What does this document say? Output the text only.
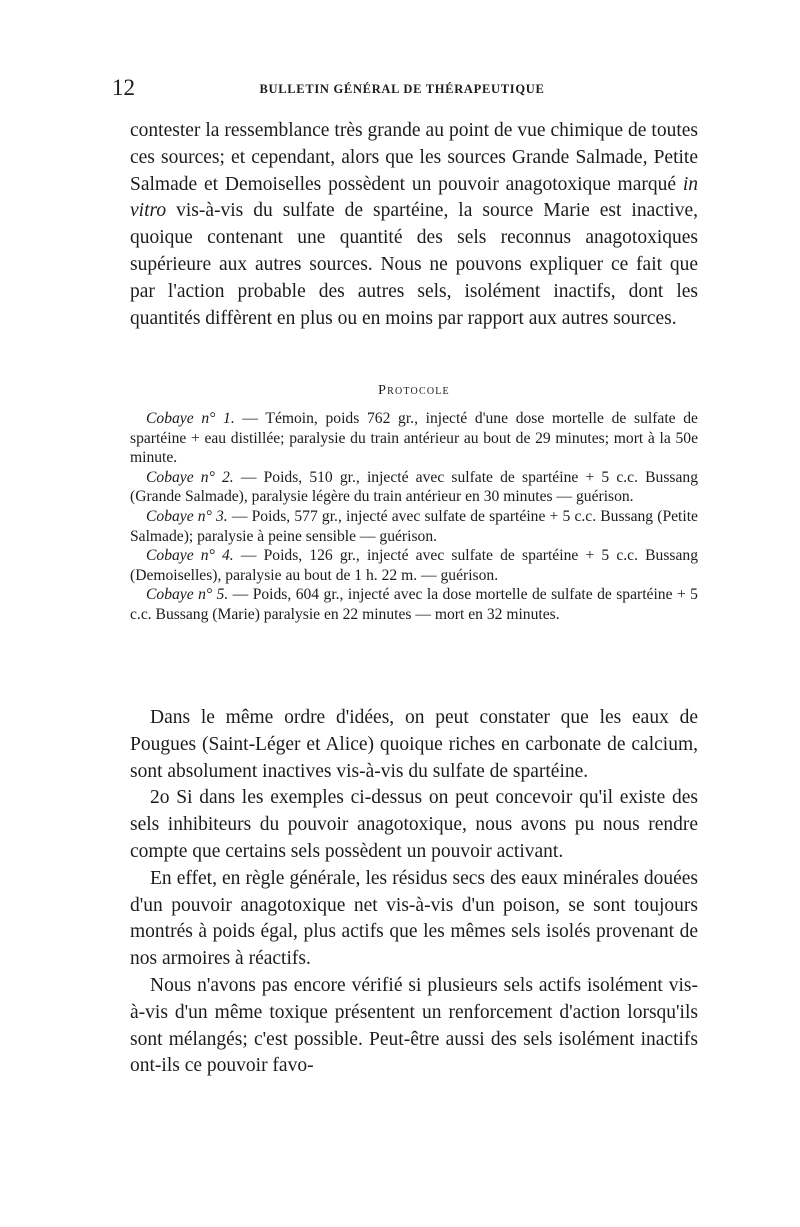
12	BULLETIN GÉNÉRAL DE THÉRAPEUTIQUE

contester la ressemblance très grande au point de vue chimique de toutes ces sources; et cependant, alors que les sources Grande Salmade, Petite Salmade et Demoiselles possèdent un pouvoir anagotoxique marqué in vitro vis-à-vis du sulfate de spartéine, la source Marie est inactive, quoique contenant une quantité des sels reconnus anagotoxiques supérieure aux autres sources. Nous ne pouvons expliquer ce fait que par l'action probable des autres sels, isolément inactifs, dont les quantités diffèrent en plus ou en moins par rapport aux autres sources.

Protocole

Cobaye n° 1. — Témoin, poids 762 gr., injecté d'une dose mortelle de sulfate de spartéine + eau distillée; paralysie du train antérieur au bout de 29 minutes; mort à la 50e minute.

Cobaye n° 2. — Poids, 510 gr., injecté avec sulfate de spartéine + 5 c.c. Bussang (Grande Salmade), paralysie légère du train antérieur en 30 minutes — guérison.

Cobaye n° 3. — Poids, 577 gr., injecté avec sulfate de spartéine + 5 c.c. Bussang (Petite Salmade); paralysie à peine sensible — guérison.

Cobaye n° 4. — Poids, 126 gr., injecté avec sulfate de spartéine + 5 c.c. Bussang (Demoiselles), paralysie au bout de 1 h. 22 m. — guérison.

Cobaye n° 5. — Poids, 604 gr., injecté avec la dose mortelle de sulfate de spartéine + 5 c.c. Bussang (Marie) paralysie en 22 minutes — mort en 32 minutes.

Dans le même ordre d'idées, on peut constater que les eaux de Pougues (Saint-Léger et Alice) quoique riches en carbonate de calcium, sont absolument inactives vis-à-vis du sulfate de spartéine.

2o Si dans les exemples ci-dessus on peut concevoir qu'il existe des sels inhibiteurs du pouvoir anagotoxique, nous avons pu nous rendre compte que certains sels possèdent un pouvoir activant.

En effet, en règle générale, les résidus secs des eaux minérales douées d'un pouvoir anagotoxique net vis-à-vis d'un poison, se sont toujours montrés à poids égal, plus actifs que les mêmes sels isolés provenant de nos armoires à réactifs.

Nous n'avons pas encore vérifié si plusieurs sels actifs isolément vis-à-vis d'un même toxique présentent un renforcement d'action lorsqu'ils sont mélangés; c'est possible. Peut-être aussi des sels isolément inactifs ont-ils ce pouvoir favo-
